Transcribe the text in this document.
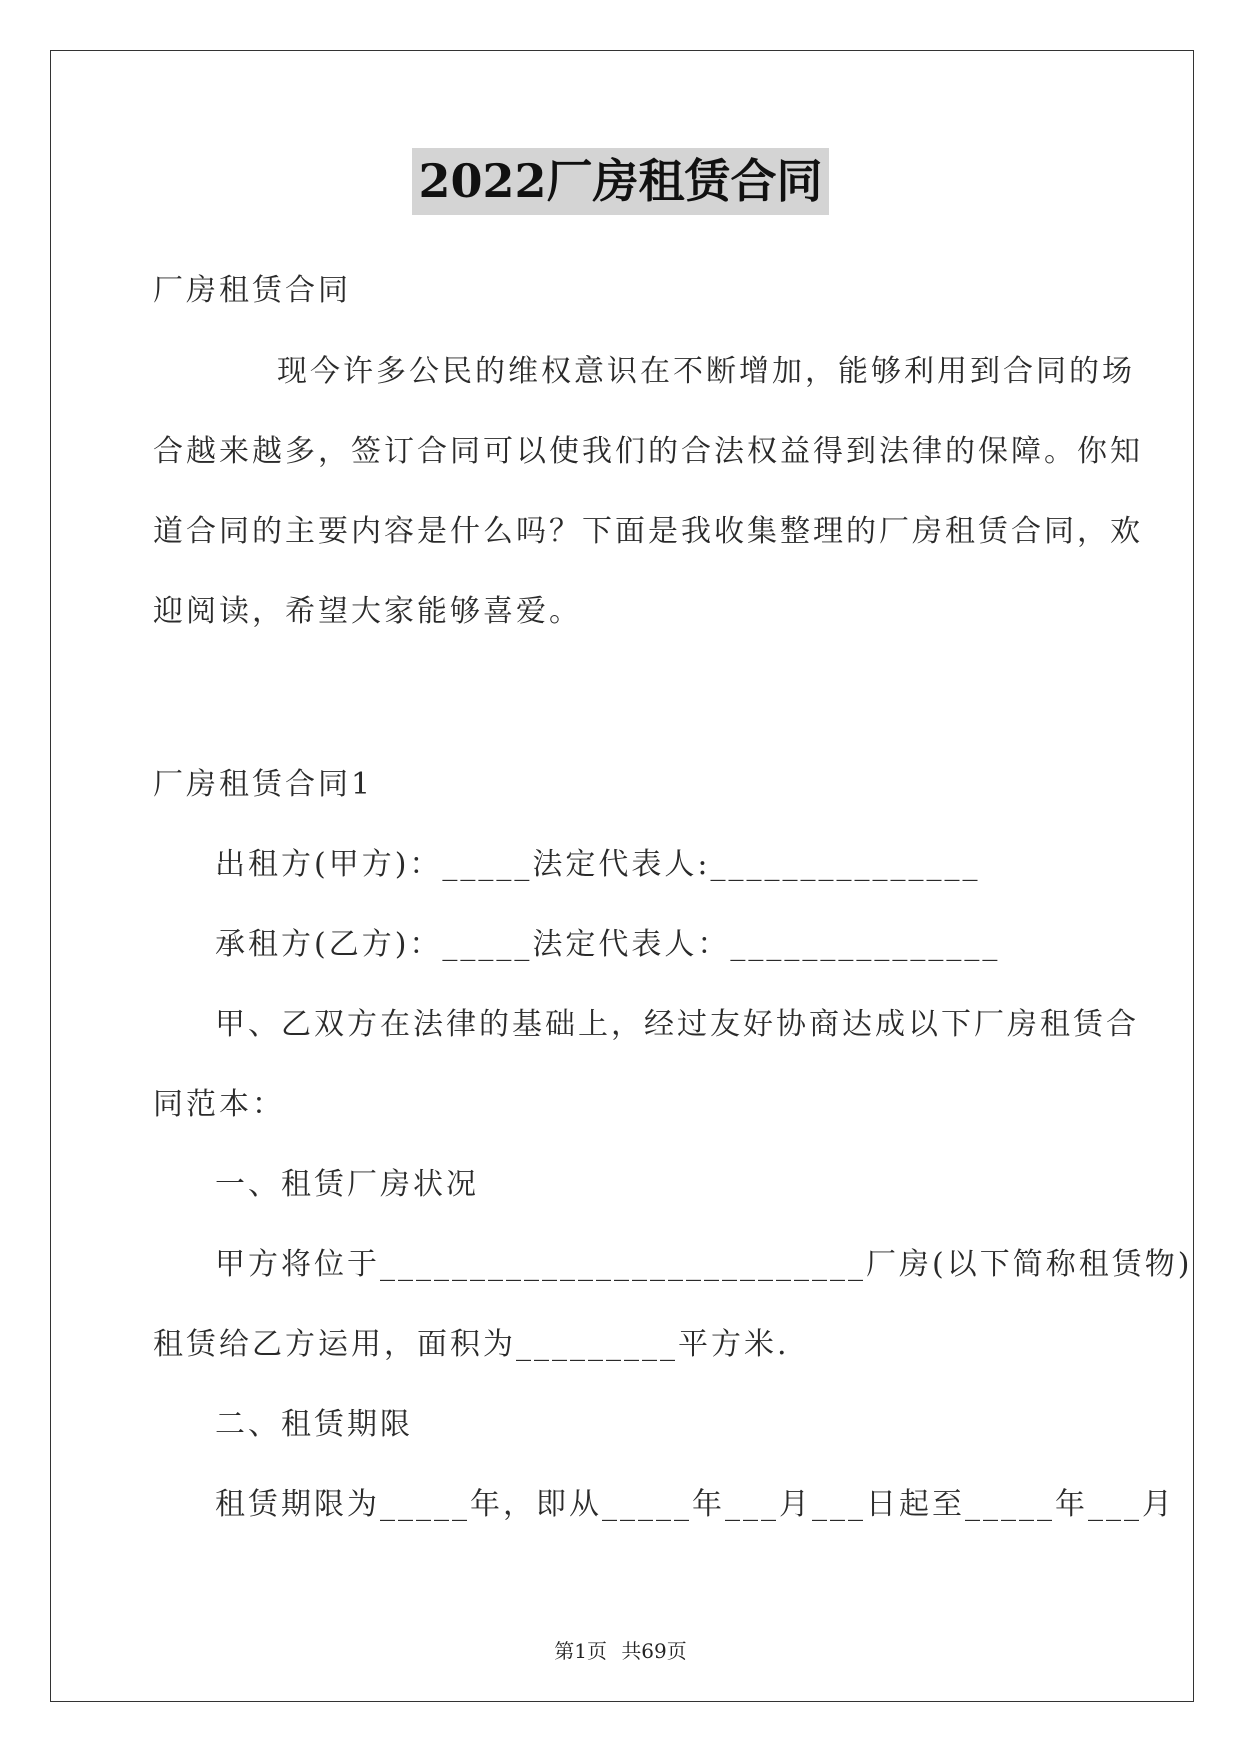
2022厂房租赁合同
厂房租赁合同
现今许多公民的维权意识在不断增加，能够利用到合同的场
合越来越多，签订合同可以使我们的合法权益得到法律的保障。你知
道合同的主要内容是什么吗？下面是我收集整理的厂房租赁合同，欢
迎阅读，希望大家能够喜爱。
厂房租赁合同1
出租方(甲方)：_____法定代表人:_______________
承租方(乙方)：_____法定代表人：_______________
甲、乙双方在法律的基础上，经过友好协商达成以下厂房租赁合
同范本：
一、租赁厂房状况
甲方将位于___________________________厂房(以下简称租赁物)
租赁给乙方运用，面积为_________平方米.
二、租赁期限
租赁期限为_____年，即从_____年___月___日起至_____年___月
第1页 共69页
